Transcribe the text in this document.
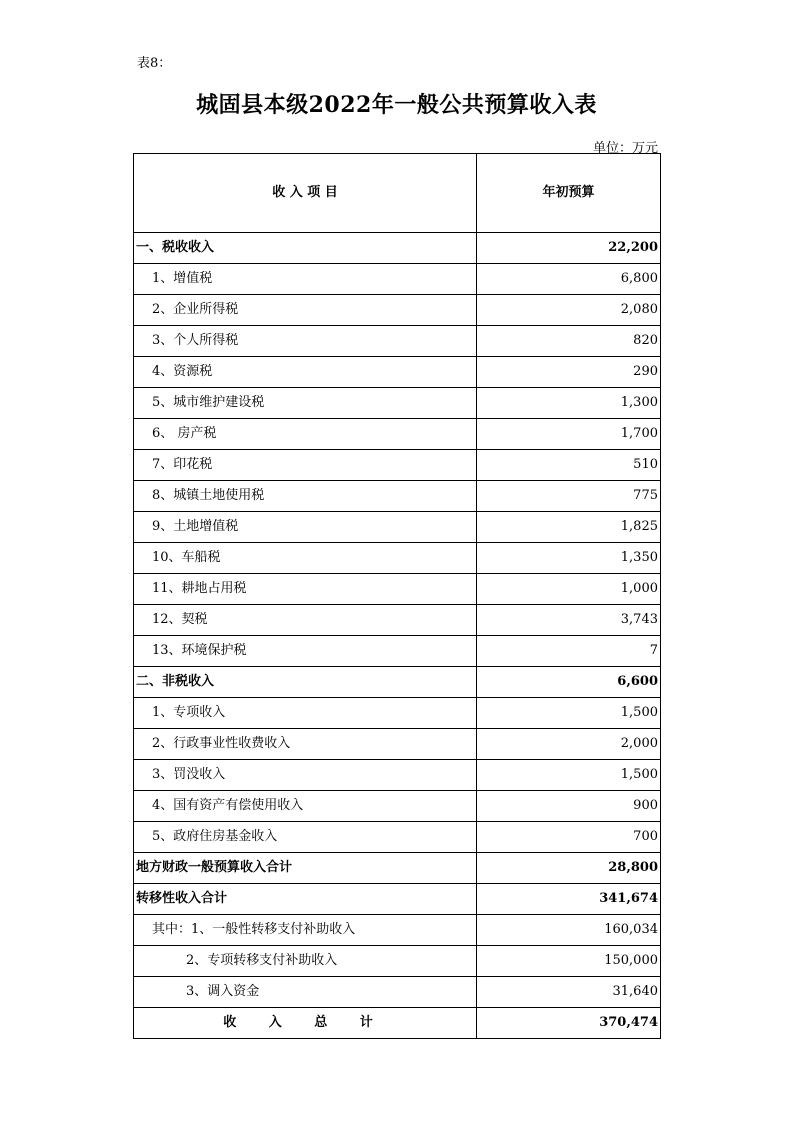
表8：
城固县本级2022年一般公共预算收入表
单位：万元
收 入 项 目	年初预算
一、税收收入	22,200
1、增值税	6,800
2、企业所得税	2,080
3、个人所得税	820
4、资源税	290
5、城市维护建设税	1,300
6、 房产税	1,700
7、印花税	510
8、城镇土地使用税	775
9、土地增值税	1,825
10、车船税	1,350
11、耕地占用税	1,000
12、契税	3,743
13、环境保护税	7
二、非税收入	6,600
1、专项收入	1,500
2、行政事业性收费收入	2,000
3、罚没收入	1,500
4、国有资产有偿使用收入	900
5、政府住房基金收入	700
地方财政一般预算收入合计	28,800
转移性收入合计	341,674
其中：1、一般性转移支付补助收入	160,034
2、专项转移支付补助收入	150,000
3、调入资金	31,640
收 入 总 计	370,474
